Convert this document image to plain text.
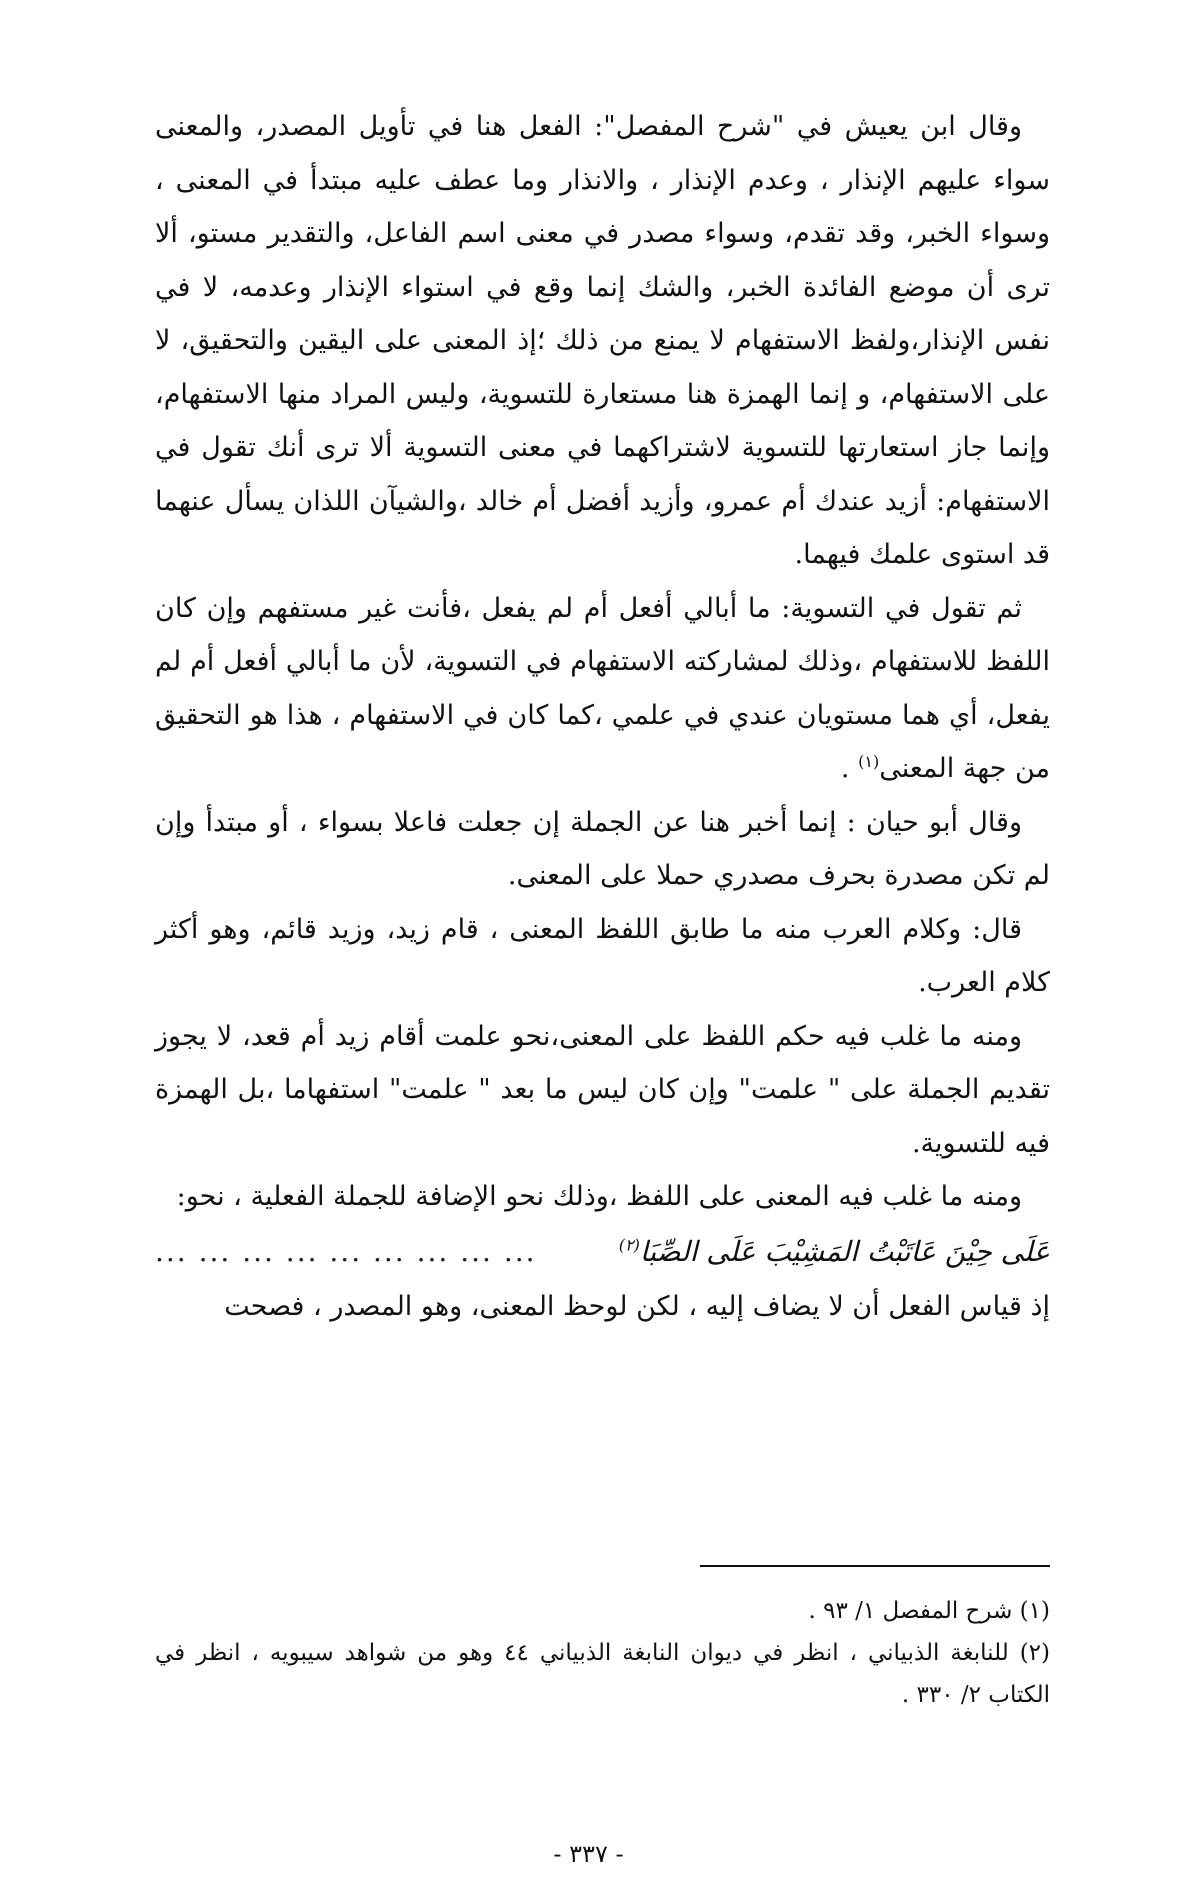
وقال ابن يعيش في "شرح المفصل": الفعل هنا في تأويل المصدر، والمعنى سواء عليهم الإنذار ، وعدم الإنذار ، والانذار وما عطف عليه مبتدأ في المعنى ، وسواء الخبر، وقد تقدم، وسواء مصدر في معنى اسم الفاعل، والتقدير مستو، ألا ترى أن موضع الفائدة الخبر، والشك إنما وقع في استواء الإنذار وعدمه، لا في نفس الإنذار،ولفظ الاستفهام لا يمنع من ذلك ؛إذ المعنى على اليقين والتحقيق، لا على الاستفهام، و إنما الهمزة هنا مستعارة للتسوية، وليس المراد منها الاستفهام، وإنما جاز استعارتها للتسوية لاشتراكهما في معنى التسوية ألا ترى أنك تقول في الاستفهام: أزيد عندك أم عمرو، وأزيد أفضل أم خالد ،والشيآن اللذان يسأل عنهما قد استوى علمك فيهما.

ثم تقول في التسوية: ما أبالي أفعل أم لم يفعل ،فأنت غير مستفهم وإن كان اللفظ للاستفهام ،وذلك لمشاركته الاستفهام في التسوية، لأن ما أبالي أفعل أم لم يفعل، أي هما مستويان عندي في علمي ،كما كان في الاستفهام ، هذا هو التحقيق من جهة المعنى$^{(١)}$ .

وقال أبو حيان : إنما أخبر هنا عن الجملة إن جعلت فاعلا بسواء ، أو مبتدأ وإن لم تكن مصدرة بحرف مصدري حملا على المعنى.

قال: وكلام العرب منه ما طابق اللفظ المعنى ، قام زيد، وزيد قائم، وهو أكثر كلام العرب.

ومنه ما غلب فيه حكم اللفظ على المعنى،نحو علمت أقام زيد أم قعد، لا يجوز تقديم الجملة على " علمت" وإن كان ليس ما بعد " علمت" استفهاما ،بل الهمزة فيه للتسوية.

ومنه ما غلب فيه المعنى على اللفظ ،وذلك نحو الإضافة للجملة الفعلية ، نحو:

عَلَى حِيْنَ عَاتَبْتُ المَشِيْبَ عَلَى الصِّبَا$^{(٢)}$
... ... ... ... ... ... ... ... ...

إذ قياس الفعل أن لا يضاف إليه ، لكن لوحظ المعنى، وهو المصدر ، فصحت

(١) شرح المفصل ١/ ٩٣ .

(٢) للنابغة الذبياني ، انظر في ديوان النابغة الذبياني ٤٤ وهو من شواهد سيبويه ، انظر في الكتاب ٢/ ٣٣٠ .

- ٣٣٧ -
